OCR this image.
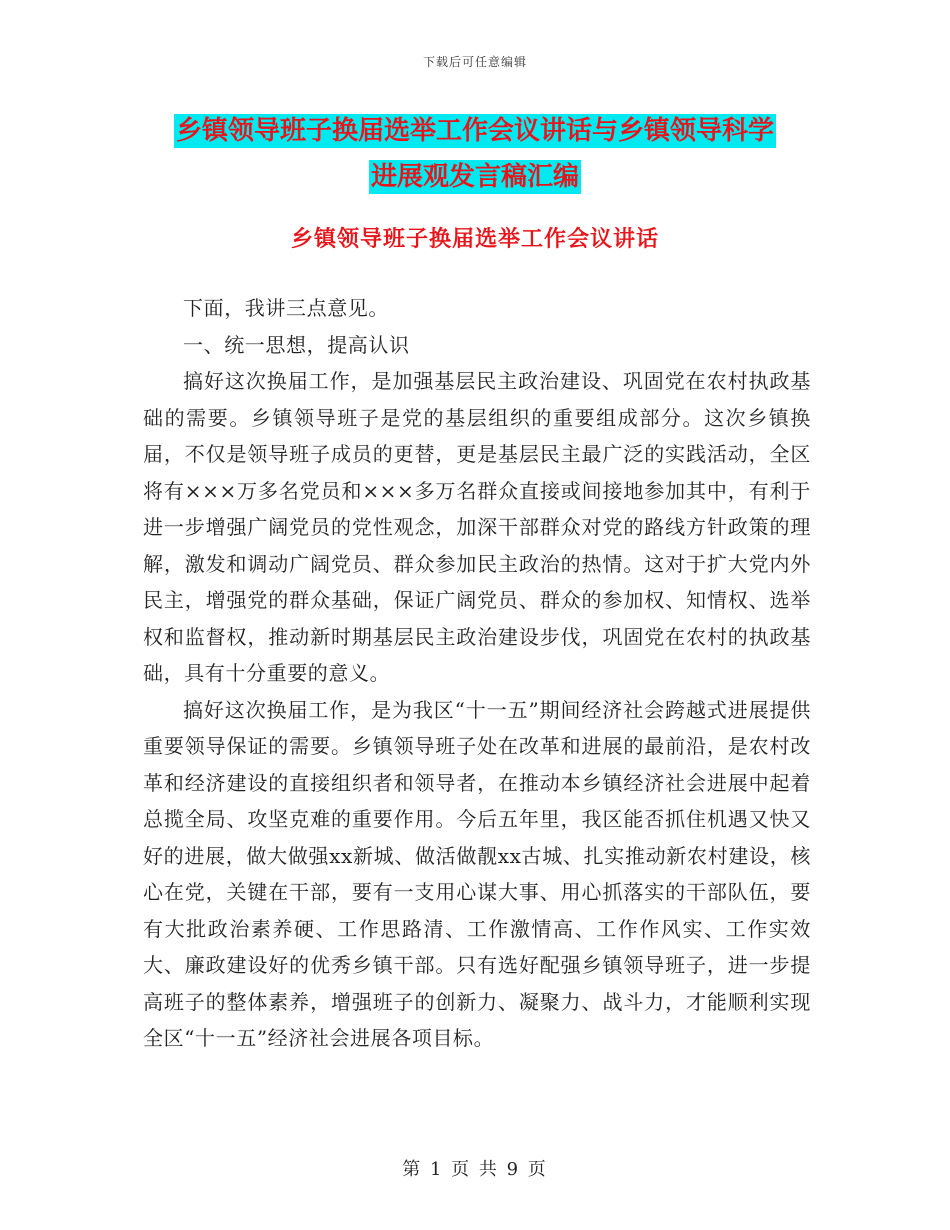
下载后可任意编辑
乡镇领导班子换届选举工作会议讲话与乡镇领导科学
进展观发言稿汇编
乡镇领导班子换届选举工作会议讲话

下面，我讲三点意见。

一、统一思想，提高认识

搞好这次换届工作，是加强基层民主政治建设、巩固党在农村执政基础的需要。乡镇领导班子是党的基层组织的重要组成部分。这次乡镇换届，不仅是领导班子成员的更替，更是基层民主最广泛的实践活动，全区将有×××万多名党员和×××多万名群众直接或间接地参加其中，有利于进一步增强广阔党员的党性观念，加深干部群众对党的路线方针政策的理解，激发和调动广阔党员、群众参加民主政治的热情。这对于扩大党内外民主，增强党的群众基础，保证广阔党员、群众的参加权、知情权、选举权和监督权，推动新时期基层民主政治建设步伐，巩固党在农村的执政基础，具有十分重要的意义。

搞好这次换届工作，是为我区“十一五”期间经济社会跨越式进展提供重要领导保证的需要。乡镇领导班子处在改革和进展的最前沿，是农村改革和经济建设的直接组织者和领导者，在推动本乡镇经济社会进展中起着总揽全局、攻坚克难的重要作用。今后五年里，我区能否抓住机遇又快又好的进展，做大做强xx新城、做活做靓xx古城、扎实推动新农村建设，核心在党，关键在干部，要有一支用心谋大事、用心抓落实的干部队伍，要有大批政治素养硬、工作思路清、工作激情高、工作作风实、工作实效大、廉政建设好的优秀乡镇干部。只有选好配强乡镇领导班子，进一步提高班子的整体素养，增强班子的创新力、凝聚力、战斗力，才能顺利实现全区“十一五”经济社会进展各项目标。

第 1 页 共 9 页
